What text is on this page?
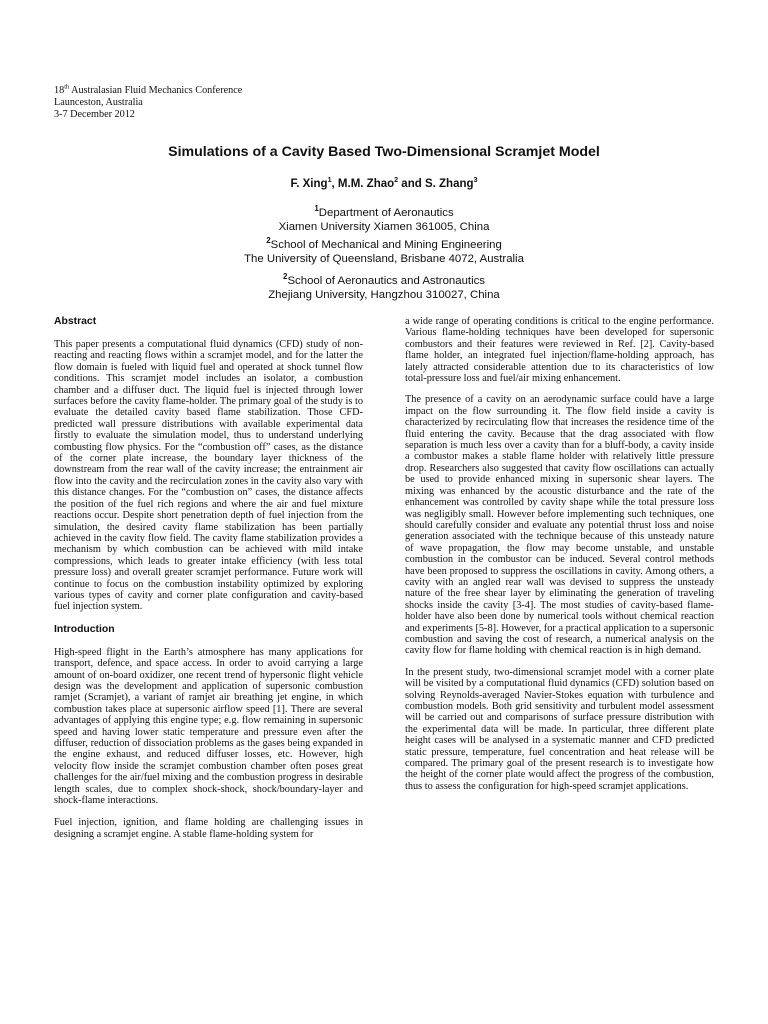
18th Australasian Fluid Mechanics Conference
Launceston, Australia
3-7 December 2012
Simulations of a Cavity Based Two-Dimensional Scramjet Model
F. Xing$^1$, M.M. Zhao$^2$ and S. Zhang$^3$
$^1$Department of Aeronautics
Xiamen University Xiamen 361005, China
$^2$School of Mechanical and Mining Engineering
The University of Queensland, Brisbane 4072, Australia
$^2$School of Aeronautics and Astronautics
Zhejiang University, Hangzhou 310027, China
Abstract

This paper presents a computational fluid dynamics (CFD) study of non-reacting and reacting flows within a scramjet model, and for the latter the flow domain is fueled with liquid fuel and operated at shock tunnel flow conditions. This scramjet model includes an isolator, a combustion chamber and a diffuser duct. The liquid fuel is injected through lower surfaces before the cavity flame-holder. The primary goal of the study is to evaluate the detailed cavity based flame stabilization. Those CFD-predicted wall pressure distributions with available experimental data firstly to evaluate the simulation model, thus to understand underlying combusting flow physics. For the “combustion off” cases, as the distance of the corner plate increase, the boundary layer thickness of the downstream from the rear wall of the cavity increase; the entrainment air flow into the cavity and the recirculation zones in the cavity also vary with this distance changes. For the “combustion on” cases, the distance affects the position of the fuel rich regions and where the air and fuel mixture reactions occur. Despite short penetration depth of fuel injection from the simulation, the desired cavity flame stabilization has been partially achieved in the cavity flow field. The cavity flame stabilization provides a mechanism by which combustion can be achieved with mild intake compressions, which leads to greater intake efficiency (with less total pressure loss) and overall greater scramjet performance. Future work will continue to focus on the combustion instability optimized by exploring various types of cavity and corner plate configuration and cavity-based fuel injection system.

Introduction

High-speed flight in the Earth’s atmosphere has many applications for transport, defence, and space access. In order to avoid carrying a large amount of on-board oxidizer, one recent trend of hypersonic flight vehicle design was the development and application of supersonic combustion ramjet (Scramjet), a variant of ramjet air breathing jet engine, in which combustion takes place at supersonic airflow speed [1]. There are several advantages of applying this engine type; e.g. flow remaining in supersonic speed and having lower static temperature and pressure even after the diffuser, reduction of dissociation problems as the gases being expanded in the engine exhaust, and reduced diffuser losses, etc. However, high velocity flow inside the scramjet combustion chamber often poses great challenges for the air/fuel mixing and the combustion progress in desirable length scales, due to complex shock-shock, shock/boundary-layer and shock-flame interactions.

Fuel injection, ignition, and flame holding are challenging issues in designing a scramjet engine. A stable flame-holding system for

a wide range of operating conditions is critical to the engine performance. Various flame-holding techniques have been developed for supersonic combustors and their features were reviewed in Ref. [2]. Cavity-based flame holder, an integrated fuel injection/flame-holding approach, has lately attracted considerable attention due to its characteristics of low total-pressure loss and fuel/air mixing enhancement.

The presence of a cavity on an aerodynamic surface could have a large impact on the flow surrounding it. The flow field inside a cavity is characterized by recirculating flow that increases the residence time of the fluid entering the cavity. Because that the drag associated with flow separation is much less over a cavity than for a bluff-body, a cavity inside a combustor makes a stable flame holder with relatively little pressure drop. Researchers also suggested that cavity flow oscillations can actually be used to provide enhanced mixing in supersonic shear layers. The mixing was enhanced by the acoustic disturbance and the rate of the enhancement was controlled by cavity shape while the total pressure loss was negligibly small. However before implementing such techniques, one should carefully consider and evaluate any potential thrust loss and noise generation associated with the technique because of this unsteady nature of wave propagation, the flow may become unstable, and unstable combustion in the combustor can be induced. Several control methods have been proposed to suppress the oscillations in cavity. Among others, a cavity with an angled rear wall was devised to suppress the unsteady nature of the free shear layer by eliminating the generation of traveling shocks inside the cavity [3-4]. The most studies of cavity-based flame-holder have also been done by numerical tools without chemical reaction and experiments [5-8]. However, for a practical application to a supersonic combustion and saving the cost of research, a numerical analysis on the cavity flow for flame holding with chemical reaction is in high demand.

In the present study, two-dimensional scramjet model with a corner plate will be visited by a computational fluid dynamics (CFD) solution based on solving Reynolds-averaged Navier-Stokes equation with turbulence and combustion models. Both grid sensitivity and turbulent model assessment will be carried out and comparisons of surface pressure distribution with the experimental data will be made. In particular, three different plate height cases will be analysed in a systematic manner and CFD predicted static pressure, temperature, fuel concentration and heat release will be compared. The primary goal of the present research is to investigate how the height of the corner plate would affect the progress of the combustion, thus to assess the configuration for high-speed scramjet applications.
